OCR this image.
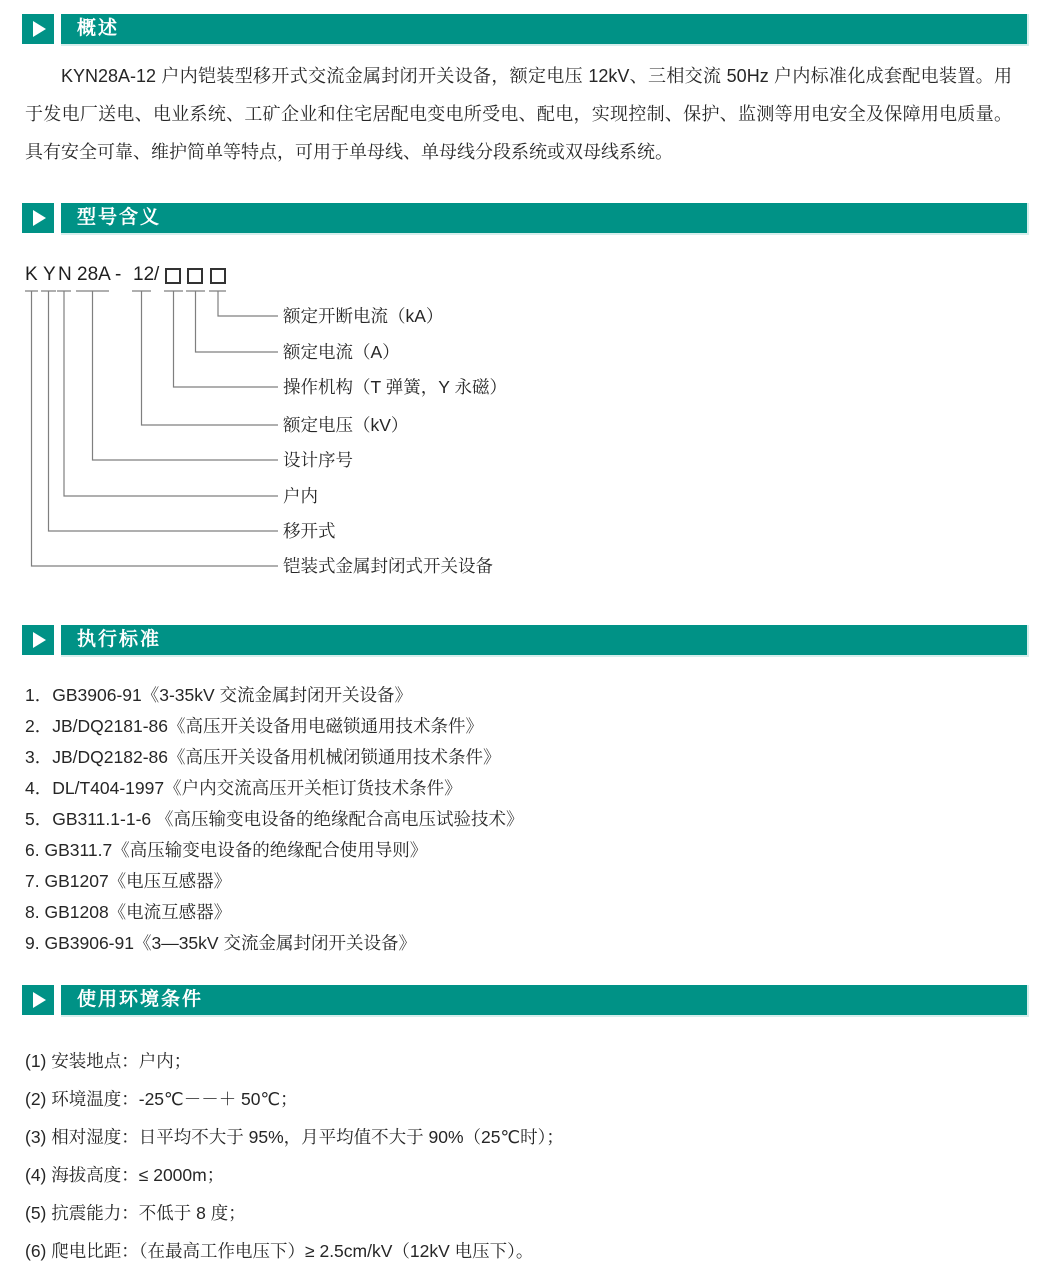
概述

KYN28A-12 户内铠装型移开式交流金属封闭开关设备，额定电压 12kV、三相交流 50Hz 户内标准化成套配电装置。用于发电厂送电、电业系统、工矿企业和住宅居配电变电所受电、配电，实现控制、保护、监测等用电安全及保障用电质量。具有安全可靠、维护简单等特点，可用于单母线、单母线分段系统或双母线系统。

型号含义
K Y N 28A - 12 /
额定开断电流（kA）
额定电流（A）
操作机构（T 弹簧，Y 永磁）
额定电压（kV）
设计序号
户内
移开式
铠装式金属封闭式开关设备
执行标准
1．GB3906-91《3-35kV 交流金属封闭开关设备》
2．JB/DQ2181-86《高压开关设备用电磁锁通用技术条件》
3．JB/DQ2182-86《高压开关设备用机械闭锁通用技术条件》
4．DL/T404-1997《户内交流高压开关柜订货技术条件》
5．GB311.1-1-6 《高压输变电设备的绝缘配合高电压试验技术》
6. GB311.7《高压输变电设备的绝缘配合使用导则》
7. GB1207《电压互感器》
8. GB1208《电流互感器》
9. GB3906-91《3—35kV 交流金属封闭开关设备》
使用环境条件
(1) 安装地点：户内；
(2) 环境温度：-25℃－－＋ 50℃；
(3) 相对湿度：日平均不大于 95%，月平均值不大于 90%（25℃时）；
(4) 海拔高度：≤ 2000m；
(5) 抗震能力：不低于 8 度；
(6) 爬电比距：（在最高工作电压下）≥ 2.5cm/kV（12kV 电压下）。
